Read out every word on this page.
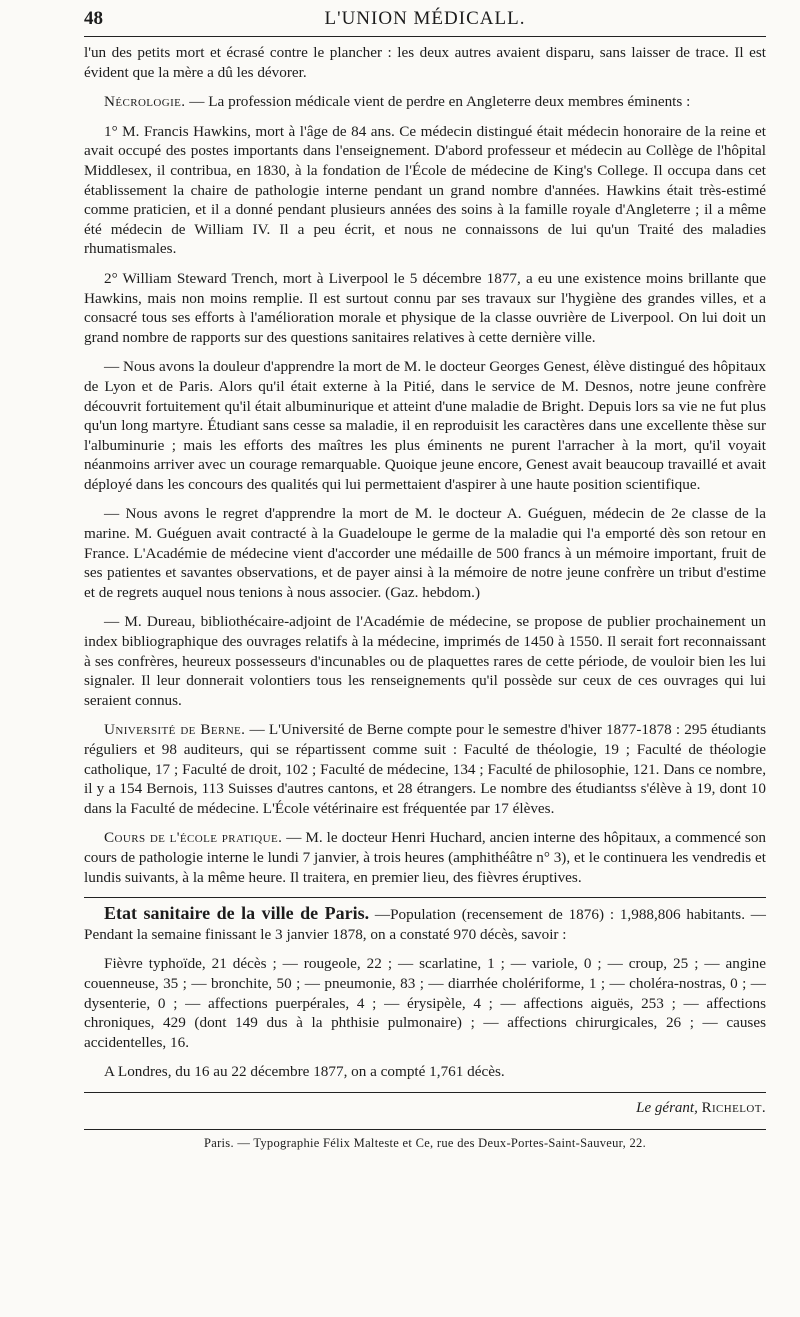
48	L'UNION MÉDICALL.

l'un des petits mort et écrasé contre le plancher : les deux autres avaient disparu, sans laisser de trace. Il est évident que la mère a dû les dévorer.

Nécrologie. — La profession médicale vient de perdre en Angleterre deux membres éminents :

1° M. Francis Hawkins, mort à l'âge de 84 ans. Ce médecin distingué était médecin honoraire de la reine et avait occupé des postes importants dans l'enseignement. D'abord professeur et médecin au Collège de l'hôpital Middlesex, il contribua, en 1830, à la fondation de l'École de médecine de King's College. Il occupa dans cet établissement la chaire de pathologie interne pendant un grand nombre d'années. Hawkins était très-estimé comme praticien, et il a donné pendant plusieurs années des soins à la famille royale d'Angleterre ; il a même été médecin de William IV. Il a peu écrit, et nous ne connaissons de lui qu'un Traité des maladies rhumatismales.

2° William Steward Trench, mort à Liverpool le 5 décembre 1877, a eu une existence moins brillante que Hawkins, mais non moins remplie. Il est surtout connu par ses travaux sur l'hygiène des grandes villes, et a consacré tous ses efforts à l'amélioration morale et physique de la classe ouvrière de Liverpool. On lui doit un grand nombre de rapports sur des questions sanitaires relatives à cette dernière ville.

— Nous avons la douleur d'apprendre la mort de M. le docteur Georges Genest, élève distingué des hôpitaux de Lyon et de Paris. Alors qu'il était externe à la Pitié, dans le service de M. Desnos, notre jeune confrère découvrit fortuitement qu'il était albuminurique et atteint d'une maladie de Bright. Depuis lors sa vie ne fut plus qu'un long martyre. Étudiant sans cesse sa maladie, il en reproduisit les caractères dans une excellente thèse sur l'albuminurie ; mais les efforts des maîtres les plus éminents ne purent l'arracher à la mort, qu'il voyait néanmoins arriver avec un courage remarquable. Quoique jeune encore, Genest avait beaucoup travaillé et avait déployé dans les concours des qualités qui lui permettaient d'aspirer à une haute position scientifique.

— Nous avons le regret d'apprendre la mort de M. le docteur A. Guéguen, médecin de 2e classe de la marine. M. Guéguen avait contracté à la Guadeloupe le germe de la maladie qui l'a emporté dès son retour en France. L'Académie de médecine vient d'accorder une médaille de 500 francs à un mémoire important, fruit de ses patientes et savantes observations, et de payer ainsi à la mémoire de notre jeune confrère un tribut d'estime et de regrets auquel nous tenions à nous associer. (Gaz. hebdom.)

— M. Dureau, bibliothécaire-adjoint de l'Académie de médecine, se propose de publier prochainement un index bibliographique des ouvrages relatifs à la médecine, imprimés de 1450 à 1550. Il serait fort reconnaissant à ses confrères, heureux possesseurs d'incunables ou de plaquettes rares de cette période, de vouloir bien les lui signaler. Il leur donnerait volontiers tous les renseignements qu'il possède sur ceux de ces ouvrages qui lui seraient connus.

Université de Berne. — L'Université de Berne compte pour le semestre d'hiver 1877-1878 : 295 étudiants réguliers et 98 auditeurs, qui se répartissent comme suit : Faculté de théologie, 19 ; Faculté de théologie catholique, 17 ; Faculté de droit, 102 ; Faculté de médecine, 134 ; Faculté de philosophie, 121. Dans ce nombre, il y a 154 Bernois, 113 Suisses d'autres cantons, et 28 étrangers. Le nombre des étudiantss s'élève à 19, dont 10 dans la Faculté de médecine. L'École vétérinaire est fréquentée par 17 élèves.

Cours de l'école pratique. — M. le docteur Henri Huchard, ancien interne des hôpitaux, a commencé son cours de pathologie interne le lundi 7 janvier, à trois heures (amphithéâtre n° 3), et le continuera les vendredis et lundis suivants, à la même heure. Il traitera, en premier lieu, des fièvres éruptives.

Etat sanitaire de la ville de Paris. —Population (recensement de 1876) : 1,988,806 habitants. — Pendant la semaine finissant le 3 janvier 1878, on a constaté 970 décès, savoir :

Fièvre typhoïde, 21 décès ; — rougeole, 22 ; — scarlatine, 1 ; — variole, 0 ; — croup, 25 ; — angine couenneuse, 35 ; — bronchite, 50 ; — pneumonie, 83 ; — diarrhée cholériforme, 1 ; — choléra-nostras, 0 ; — dysenterie, 0 ; — affections puerpérales, 4 ; — érysipèle, 4 ; — affections aiguës, 253 ; — affections chroniques, 429 (dont 149 dus à la phthisie pulmonaire) ; — affections chirurgicales, 26 ; — causes accidentelles, 16.

A Londres, du 16 au 22 décembre 1877, on a compté 1,761 décès.

Le gérant, Richelot.

Paris. — Typographie Félix Malteste et Ce, rue des Deux-Portes-Saint-Sauveur, 22.
